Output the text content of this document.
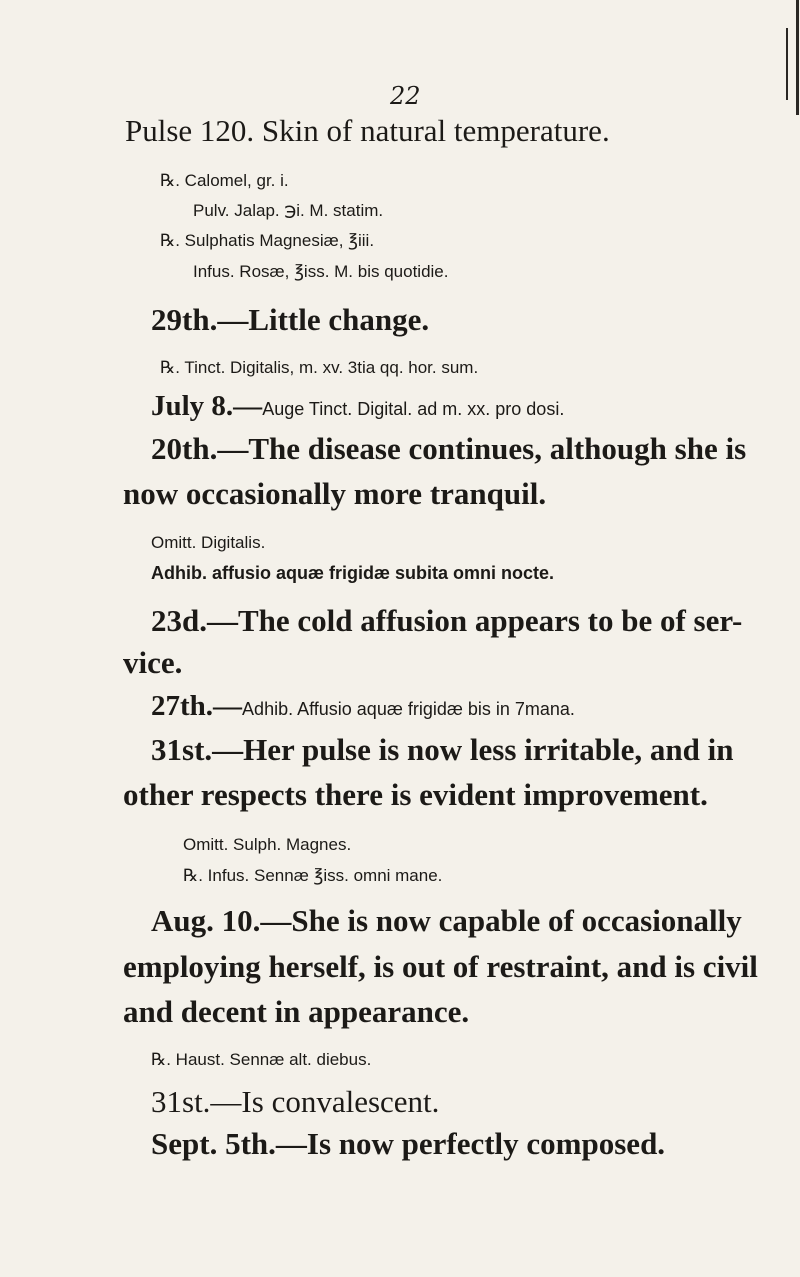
22
Pulse 120. Skin of natural temperature.
℞. Calomel, gr. i.
Pulv. Jalap. ℈i. M. statim.
℞. Sulphatis Magnesiæ, ℥iii.
Infus. Rosæ, ℥iss. M. bis quotidie.
29th.—Little change.
℞. Tinct. Digitalis, m. xv. 3tia qq. hor. sum.
July 8.—Auge Tinct. Digital. ad m. xx. pro dosi.
20th.—The disease continues, although she is
now occasionally more tranquil.
Omitt. Digitalis.
Adhib. affusio aquæ frigidæ subita omni nocte.
23d.—The cold affusion appears to be of ser-
vice.
27th.—Adhib. Affusio aquæ frigidæ bis in 7mana.
31st.—Her pulse is now less irritable, and in
other respects there is evident improvement.
Omitt. Sulph. Magnes.
℞. Infus. Sennæ ℥iss. omni mane.
Aug. 10.—She is now capable of occasionally
employing herself, is out of restraint, and is civil
and decent in appearance.
℞. Haust. Sennæ alt. diebus.
31st.—Is convalescent.
Sept. 5th.—Is now perfectly composed.
